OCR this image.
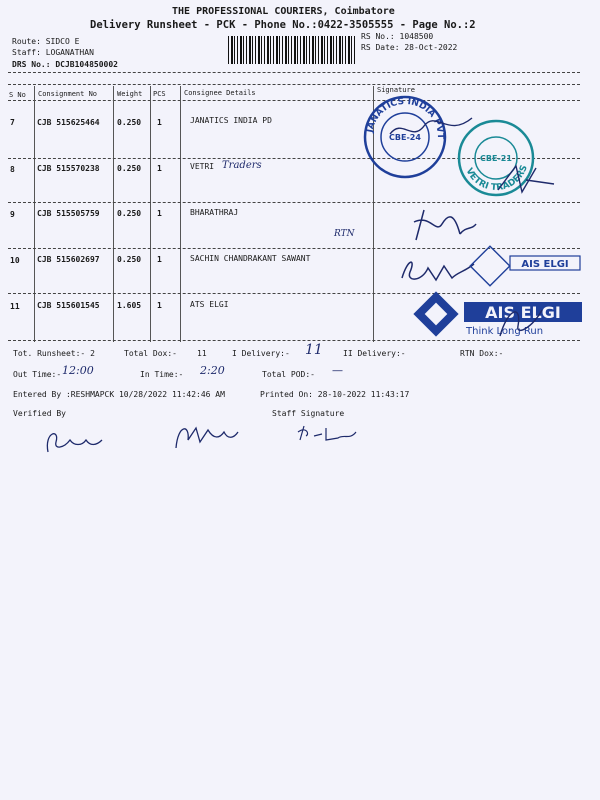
THE PROFESSIONAL COURIERS, Coimbatore
Delivery Runsheet - PCK - Phone No.:0422-3505555 - Page No.:2
Route: SIDCO E
Staff: LOGANATHAN
DRS No.: DCJB104850002
RS No.: 1048500
RS Date: 28-Oct-2022
S No Consignment No	Weight PCS	Consignee Details	Signature
7	CJB 515625464 0.250 1	JANATICS INDIA PD
8	CJB 515570238 0.250 1	VETRI Traders
9	CJB 515505759 0.250 1	BHARATHRAJ
RTN
10 CJB 515602697 0.250 1	SACHIN CHANDRAKANT SAWANT
11 CJB 515601545 1.605 1	ATS ELGI
JANATICS INDIA PVT LTD
CBE-24
VETRI TRADERS
CBE-21
AIS ELGI
AIS ELGI
Think Long Run
Tot. Runsheet:- 2	Total Dox:-	11	I Delivery:- 11	II Delivery:-	RTN Dox:-
Out Time:- 12:00	In Time:- 2:20	Total POD:- —
Entered By :RESHMAPCK 10/28/2022 11:42:46 AM	Printed On: 28-10-2022 11:43:17
Verified By	Staff Signature
